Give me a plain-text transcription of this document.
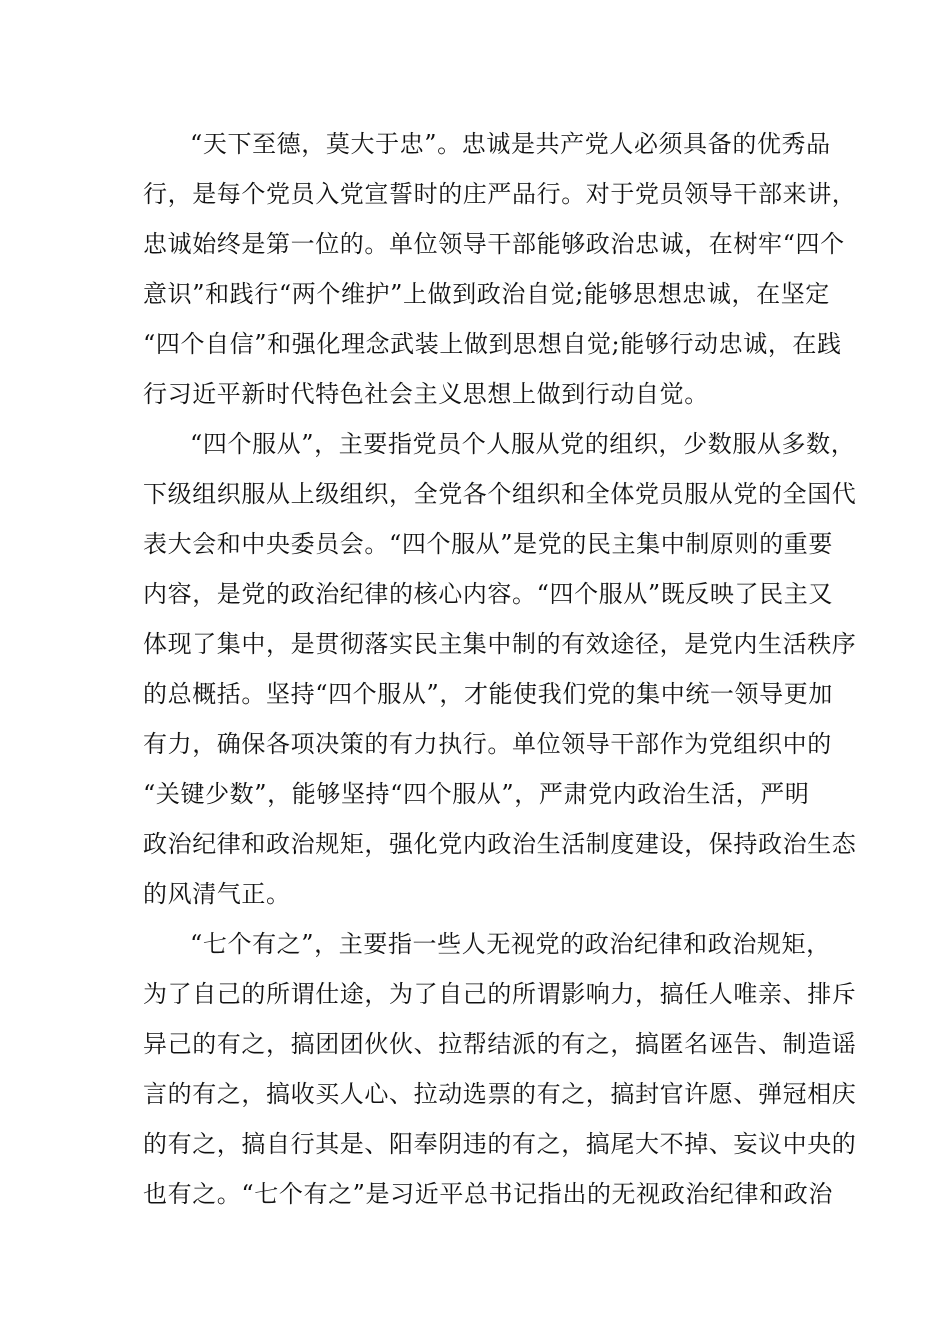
“天下至德，莫大于忠”。忠诚是共产党人必须具备的优秀品
行，是每个党员入党宣誓时的庄严品行。对于党员领导干部来讲，
忠诚始终是第一位的。单位领导干部能够政治忠诚，在树牢“四个
意识”和践行“两个维护”上做到政治自觉;能够思想忠诚，在坚定
“四个自信”和强化理念武装上做到思想自觉;能够行动忠诚，在践
行习近平新时代特色社会主义思想上做到行动自觉。
“四个服从”，主要指党员个人服从党的组织，少数服从多数，
下级组织服从上级组织，全党各个组织和全体党员服从党的全国代
表大会和中央委员会。“四个服从”是党的民主集中制原则的重要
内容，是党的政治纪律的核心内容。“四个服从”既反映了民主又
体现了集中，是贯彻落实民主集中制的有效途径，是党内生活秩序
的总概括。坚持“四个服从”，才能使我们党的集中统一领导更加
有力，确保各项决策的有力执行。单位领导干部作为党组织中的
“关键少数”，能够坚持“四个服从”，严肃党内政治生活，严明
政治纪律和政治规矩，强化党内政治生活制度建设，保持政治生态
的风清气正。
“七个有之”，主要指一些人无视党的政治纪律和政治规矩，
为了自己的所谓仕途，为了自己的所谓影响力，搞任人唯亲、排斥
异己的有之，搞团团伙伙、拉帮结派的有之，搞匿名诬告、制造谣
言的有之，搞收买人心、拉动选票的有之，搞封官许愿、弹冠相庆
的有之，搞自行其是、阳奉阴违的有之，搞尾大不掉、妄议中央的
也有之。“七个有之”是习近平总书记指出的无视政治纪律和政治
